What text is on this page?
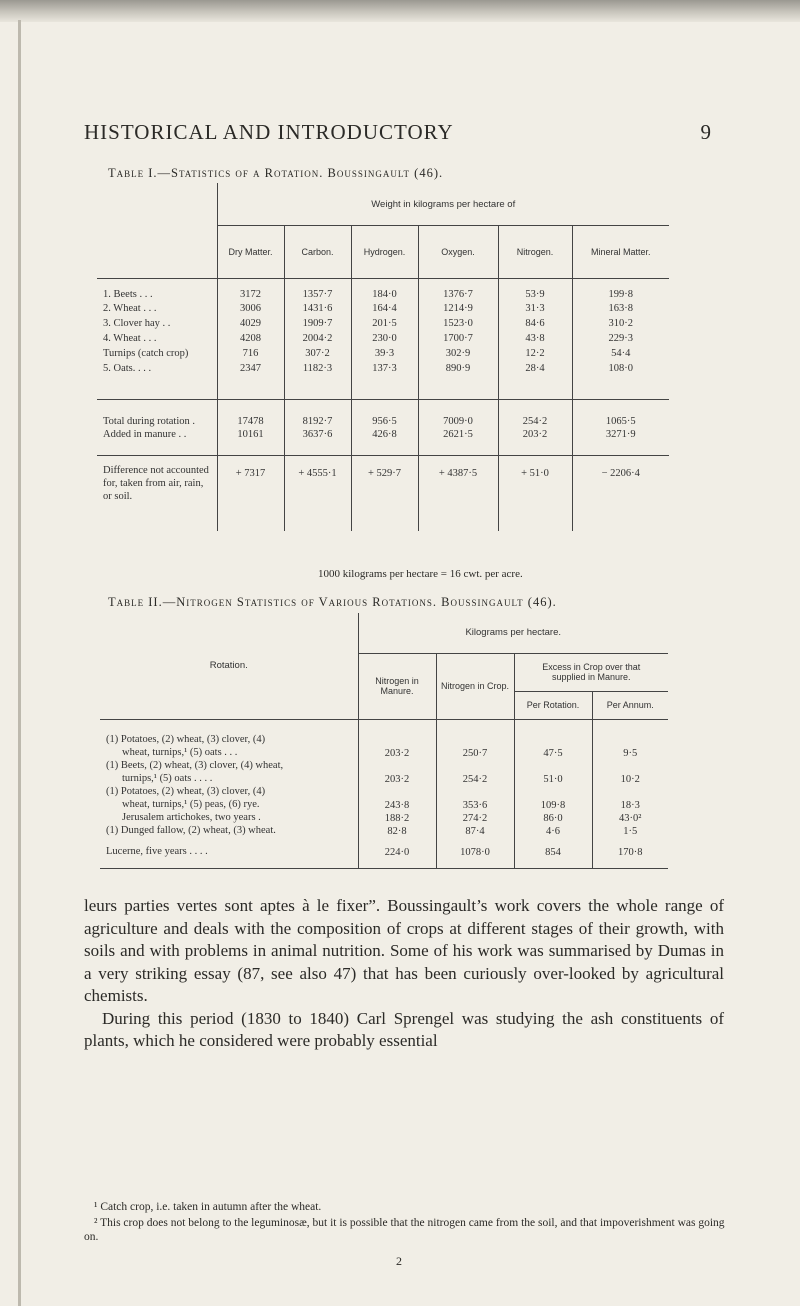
HISTORICAL AND INTRODUCTORY	9
Table I.—Statistics of a Rotation. Boussingault (46).
	Weight in kilograms per hectare of					
	Dry Matter.	Carbon.	Hydrogen.	Oxygen.	Nitrogen.	Mineral Matter.
1. Beets . . .	3172	1357·7	184·0	1376·7	53·9	199·8
2. Wheat . . .	3006	1431·6	164·4	1214·9	31·3	163·8
3. Clover hay . .	4029	1909·7	201·5	1523·0	84·6	310·2
4. Wheat . . .	4208	2004·2	230·0	1700·7	43·8	229·3
Turnips (catch crop)	716	307·2	39·3	302·9	12·2	54·4
5. Oats. . . .	2347	1182·3	137·3	890·9	28·4	108·0

Total during rotation .	17478	8192·7	956·5	7009·0	254·2	1065·5
Added in manure . .	10161	3637·6	426·8	2621·5	203·2	3271·9

Difference not accounted
for, taken from air, rain,
or soil.	+ 7317	+ 4555·1	+ 529·7	+ 4387·5	+ 51·0	− 2206·4
1000 kilograms per hectare = 16 cwt. per acre.
Table II.—Nitrogen Statistics of Various Rotations. Boussingault (46).
Rotation.	Kilograms per hectare.			
	Nitrogen in Manure.	Nitrogen in Crop.	Excess in Crop over that supplied in Manure.	
			Per Rotation.	Per Annum.

(1) Potatoes, (2) wheat, (3) clover, (4)
wheat, turnips,¹ (5) oats . . .	203·2	250·7	47·5	9·5

(1) Beets, (2) wheat, (3) clover, (4) wheat,
turnips,¹ (5) oats . . . .	203·2	254·2	51·0	10·2

(1) Potatoes, (2) wheat, (3) clover, (4)
wheat, turnips,¹ (5) peas, (6) rye.	243·8	353·6	109·8	18·3

Jerusalem artichokes, two years .	188·2	274·2	86·0	43·0²

(1) Dunged fallow, (2) wheat, (3) wheat.	82·8	87·4	4·6	1·5

Lucerne, five years . . . .	224·0	1078·0	854	170·8

leurs parties vertes sont aptes à le fixer”. Boussingault’s work covers the whole range of agriculture and deals with the composition of crops at different stages of their growth, with soils and with problems in animal nutrition. Some of his work was summarised by Dumas in a very striking essay (87, see also 47) that has been curiously over-looked by agricultural chemists.

During this period (1830 to 1840) Carl Sprengel was studying the ash constituents of plants, which he considered were probably essential

¹ Catch crop, i.e. taken in autumn after the wheat.

² This crop does not belong to the leguminosæ, but it is possible that the nitrogen came from the soil, and that impoverishment was going on.

2
